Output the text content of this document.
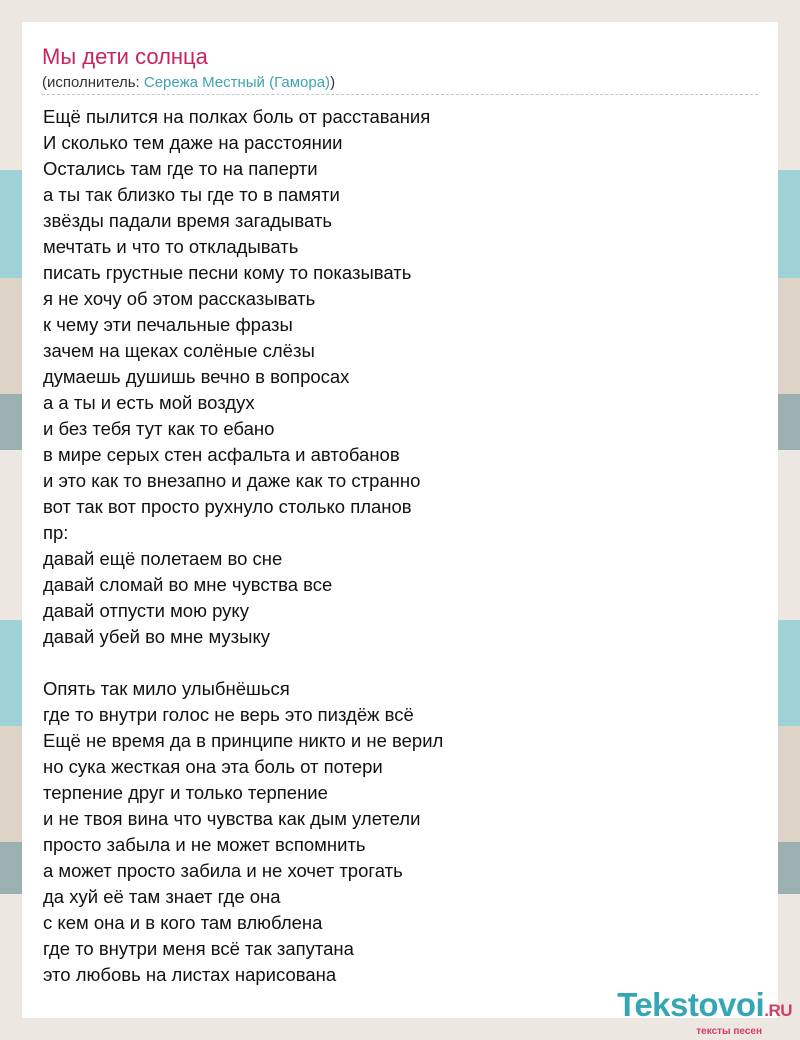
Мы дети солнца
(исполнитель: Сережа Местный (Гамора))
Ещё пылится на полках боль от расставания
И сколько тем даже на расстоянии
Остались там где то на паперти
а ты так близко ты где то в памяти
звёзды падали время загадывать
мечтать и что то откладывать
писать грустные песни кому то показывать
я не хочу об этом рассказывать
к чему эти печальные фразы
зачем на щеках солёные слёзы
думаешь душишь вечно в вопросах
а а ты и есть мой воздух
и без тебя тут как то ебано
в мире серых стен асфальта и автобанов
и это как то внезапно и даже как то странно
вот так вот просто рухнуло столько планов
пр:
давай ещё полетаем во сне
давай сломай во мне чувства все
давай отпусти мою руку
давай убей во мне музыку
Опять так мило улыбнёшься
где то внутри голос не верь это пиздёж всё
Ещё не время да в принципе никто и не верил
но сука жесткая она эта боль от потери
терпение друг и только терпение
и не твоя вина что чувства как дым улетели
просто забыла и не может вспомнить
а может просто забила и не хочет трогать
да хуй её там знает где она
с кем она и в кого там влюблена
где то внутри меня всё так запутана
это любовь на листах нарисована
Tekstovoi.RU
тексты песен
